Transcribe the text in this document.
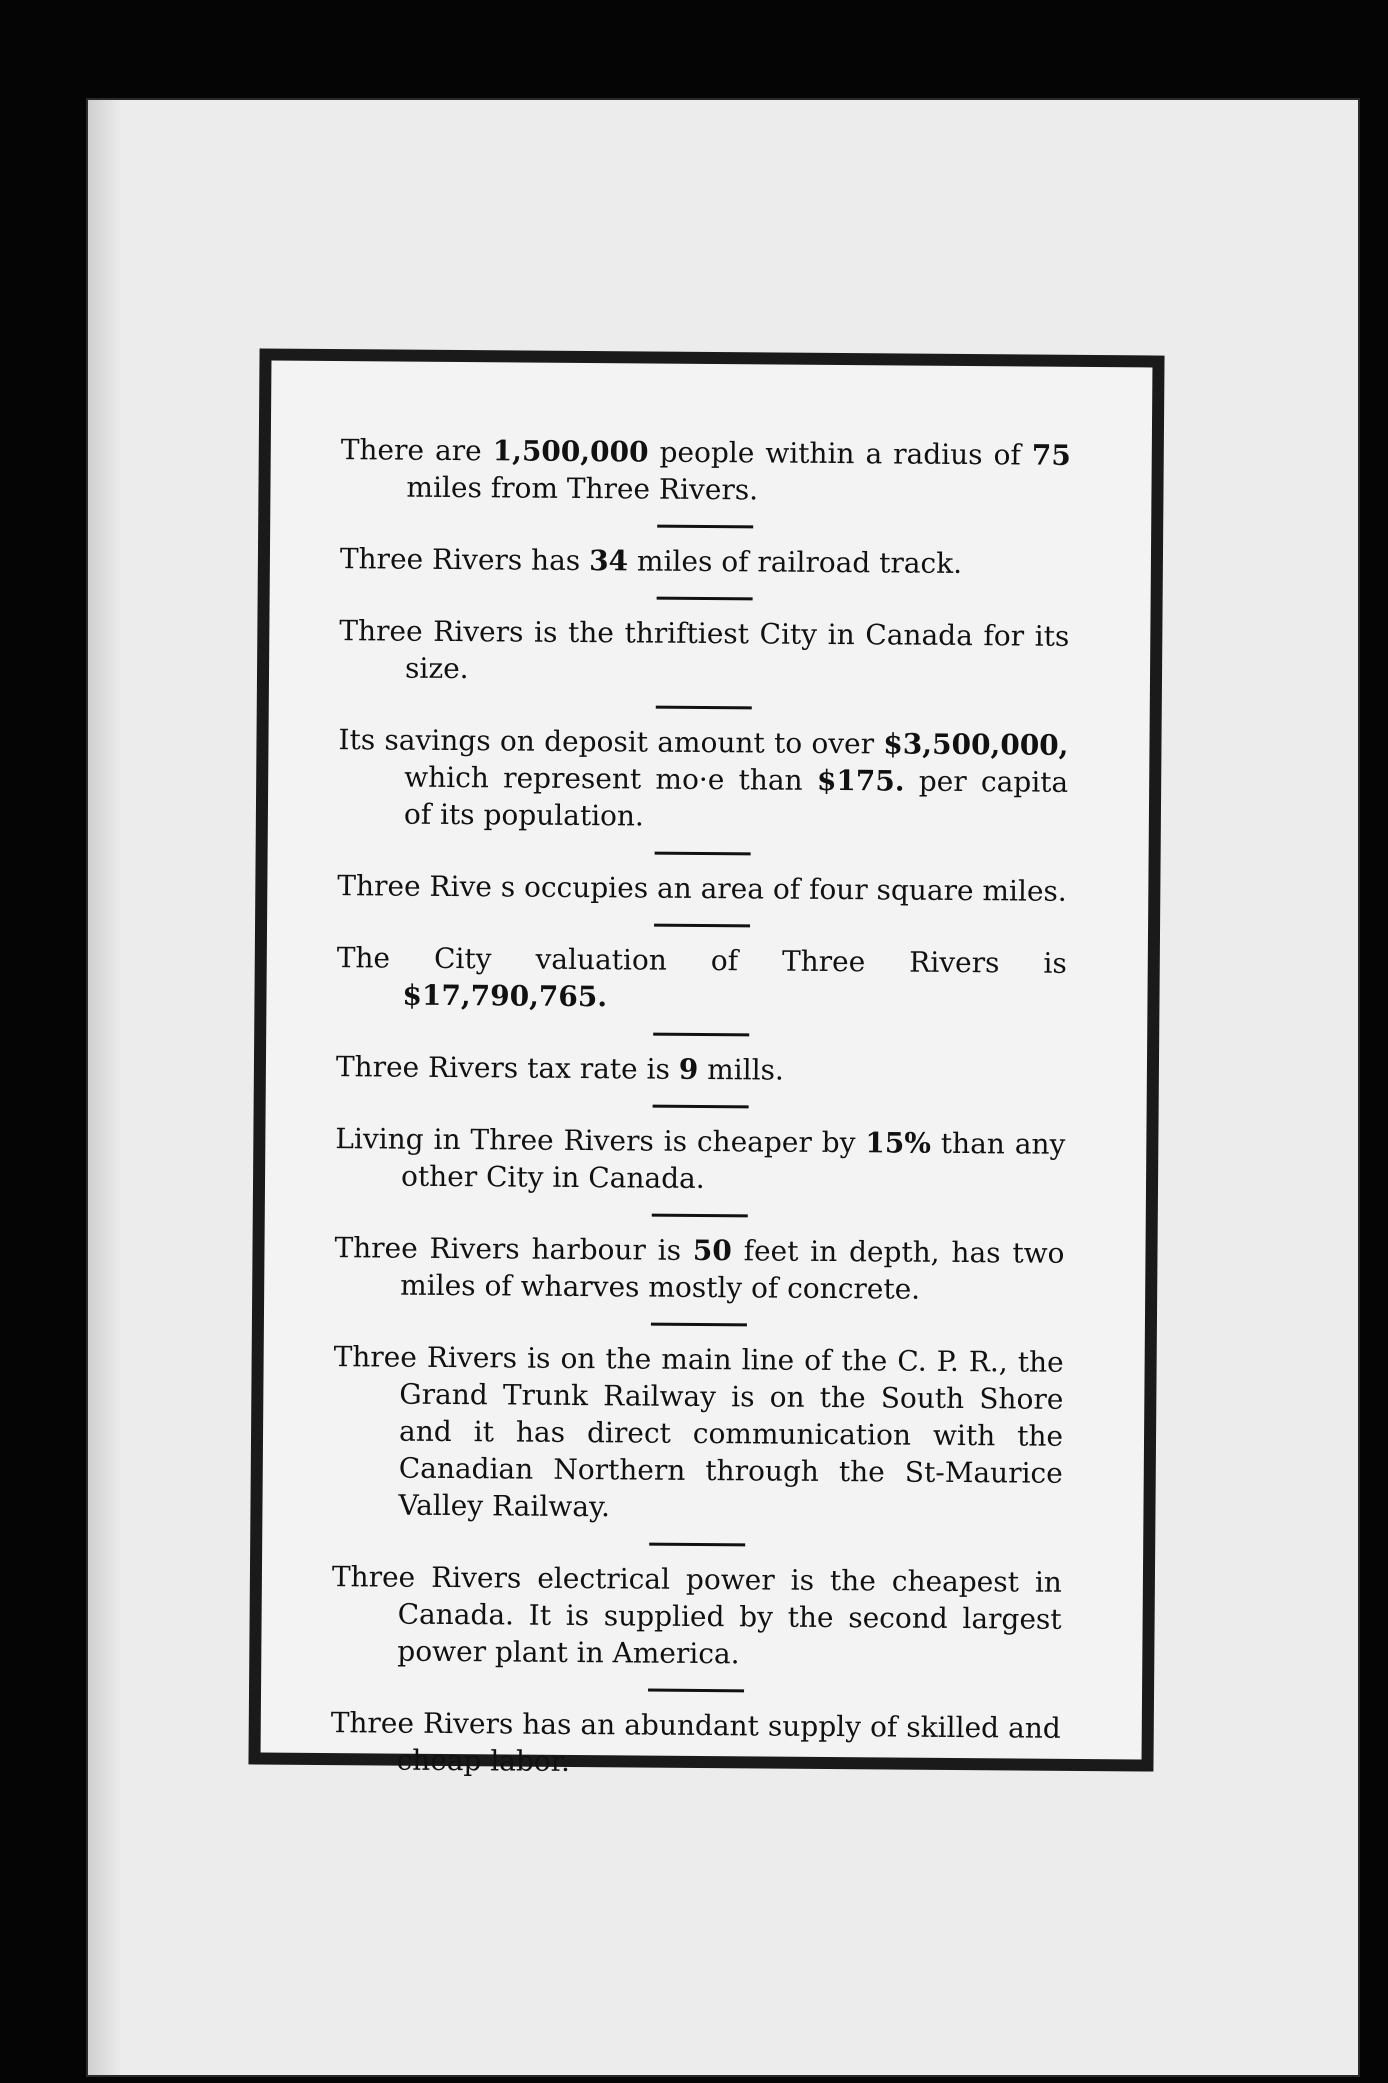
There are 1,500,000 people within a radius of 75 miles from Three Rivers.

Three Rivers has 34 miles of railroad track.

Three Rivers is the thriftiest City in Canada for its size.

Its savings on deposit amount to over $3,500,000, which represent mo·e than $175. per capita of its population.

Three Rive s occupies an area of four square miles.

The City valuation of Three Rivers is $17,790,765.

Three Rivers tax rate is 9 mills.

Living in Three Rivers is cheaper by 15% than any other City in Canada.

Three Rivers harbour is 50 feet in depth, has two miles of wharves mostly of concrete.

Three Rivers is on the main line of the C. P. R., the Grand Trunk Railway is on the South Shore and it has direct communication with the Canadian Northern through the St-Maurice Valley Railway.

Three Rivers electrical power is the cheapest in Canada. It is supplied by the second largest power plant in America.

Three Rivers has an abundant supply of skilled and cheap labor.
